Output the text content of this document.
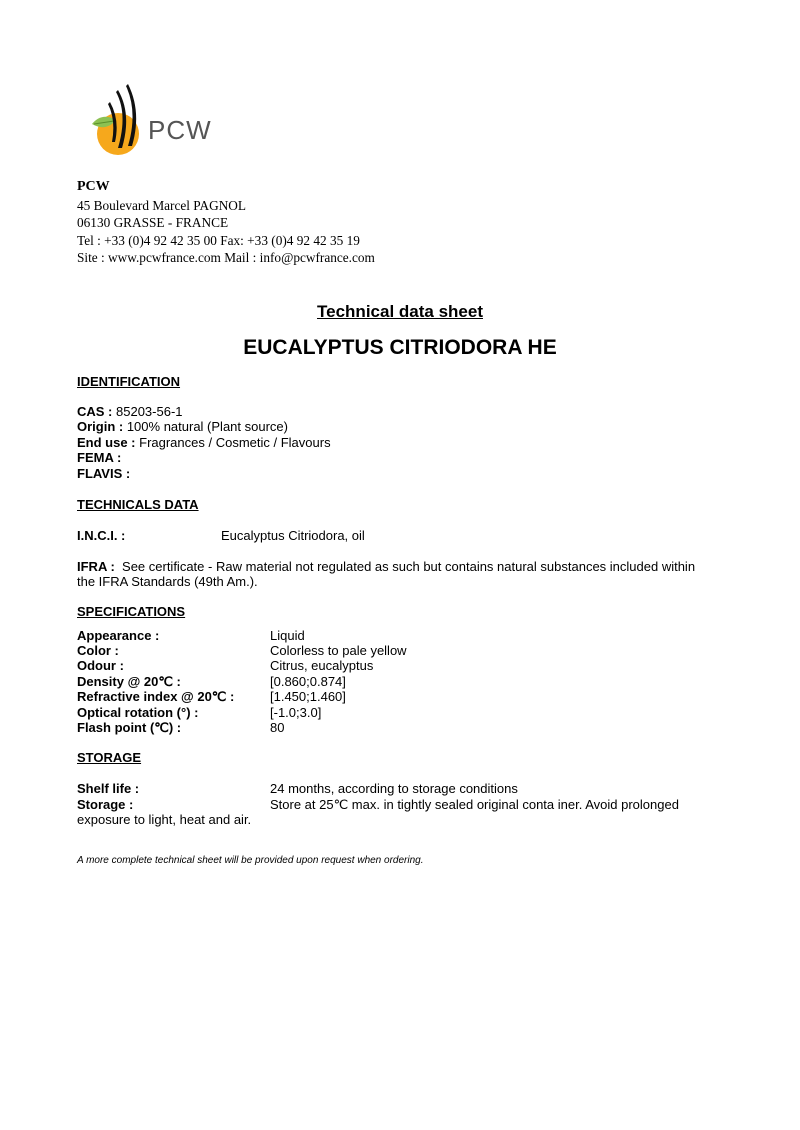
PCW
PCW
45 Boulevard Marcel PAGNOL
06130 GRASSE - FRANCE
Tel : +33 (0)4 92 42 35 00 Fax: +33 (0)4 92 42 35 19
Site : www.pcwfrance.com Mail : info@pcwfrance.com
Technical data sheet
EUCALYPTUS CITRIODORA HE
IDENTIFICATION
CAS : 85203-56-1
Origin : 100% natural (Plant source)
End use : Fragrances / Cosmetic / Flavours
FEMA :
FLAVIS :
TECHNICALS DATA
I.N.C.I. :	Eucalyptus Citriodora, oil
IFRA :  See certificate - Raw material not regulated as such but contains natural substances included within
the IFRA Standards (49th Am.).
SPECIFICATIONS
Appearance :	Liquid
Color :	Colorless to pale yellow
Odour :	Citrus, eucalyptus
Density @ 20℃ :	[0.860;0.874]
Refractive index @ 20℃ :	[1.450;1.460]
Optical rotation (°) :	[-1.0;3.0]
Flash point (℃) :	80
STORAGE
Shelf life :	24 months, according to storage conditions
Storage :	Store at 25℃ max. in tightly sealed original conta iner. Avoid prolonged
exposure to light, heat and air.
A more complete technical sheet will be provided upon request when ordering.
